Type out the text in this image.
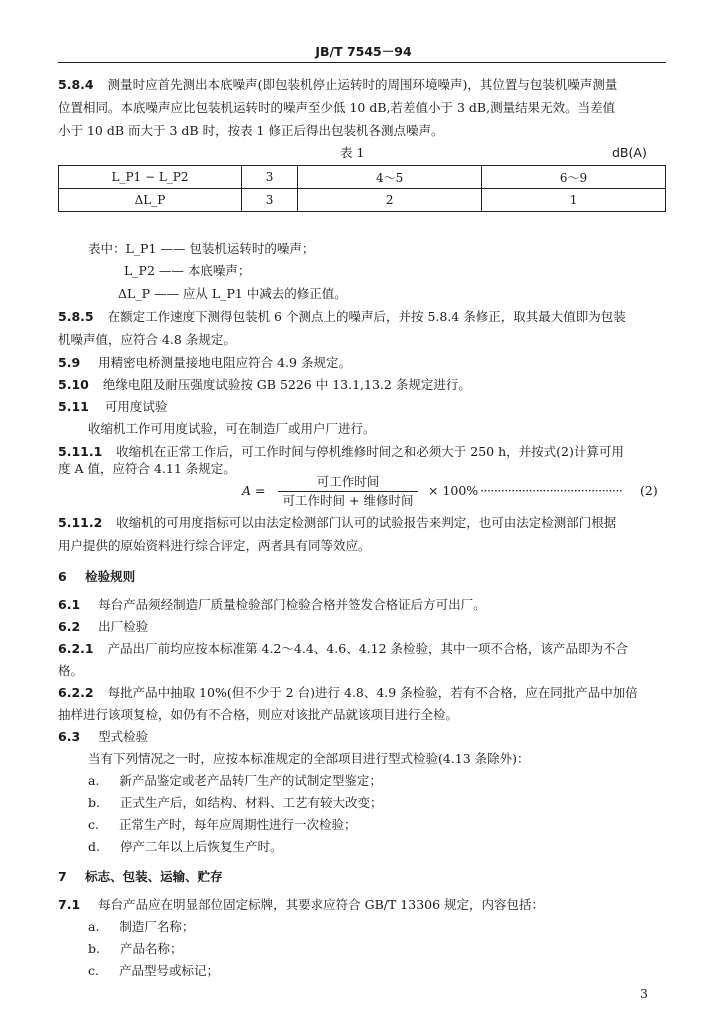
JB/T 7545－94
5.8.4 测量时应首先测出本底噪声(即包装机停止运转时的周围环境噪声)，其位置与包装机噪声测量
位置相同。本底噪声应比包装机运转时的噪声至少低 10 dB,若差值小于 3 dB,测量结果无效。当差值
小于 10 dB 而大于 3 dB 时，按表 1 修正后得出包装机各测点噪声。
表 1	dB(A)
L_P1 − L_P2	3	4～5	6～9
ΔL_P	3	2	1
表中：L_P1 —— 包装机运转时的噪声；
L_P2 —— 本底噪声；
ΔL_P —— 应从 L_P1 中减去的修正值。
5.8.5 在额定工作速度下测得包装机 6 个测点上的噪声后，并按 5.8.4 条修正，取其最大值即为包装
机噪声值，应符合 4.8 条规定。
5.9 用精密电桥测量接地电阻应符合 4.9 条规定。
5.10 绝缘电阻及耐压强度试验按 GB 5226 中 13.1,13.2 条规定进行。
5.11 可用度试验
收缩机工作可用度试验，可在制造厂或用户厂进行。
5.11.1 收缩机在正常工作后，可工作时间与停机维修时间之和必须大于 250 h，并按式(2)计算可用
度 A 值，应符合 4.11 条规定。
A =
可工作时间
可工作时间 + 维修时间
× 100% ········································· (2)
5.11.2 收缩机的可用度指标可以由法定检测部门认可的试验报告来判定，也可由法定检测部门根据
用户提供的原始资料进行综合评定，两者具有同等效应。
6 检验规则
6.1 每台产品须经制造厂质量检验部门检验合格并签发合格证后方可出厂。
6.2 出厂检验
6.2.1 产品出厂前均应按本标准第 4.2～4.4、4.6、4.12 条检验，其中一项不合格，该产品即为不合
格。
6.2.2 每批产品中抽取 10%(但不少于 2 台)进行 4.8、4.9 条检验，若有不合格，应在同批产品中加倍
抽样进行该项复检，如仍有不合格，则应对该批产品就该项目进行全检。
6.3 型式检验
当有下列情况之一时，应按本标准规定的全部项目进行型式检验(4.13 条除外)：
a. 新产品鉴定或老产品转厂生产的试制定型鉴定；
b. 正式生产后，如结构、材料、工艺有较大改变；
c. 正常生产时，每年应周期性进行一次检验；
d. 停产二年以上后恢复生产时。
7 标志、包装、运输、贮存
7.1 每台产品应在明显部位固定标牌，其要求应符合 GB/T 13306 规定，内容包括：
a. 制造厂名称；
b. 产品名称；
c. 产品型号或标记；
3
